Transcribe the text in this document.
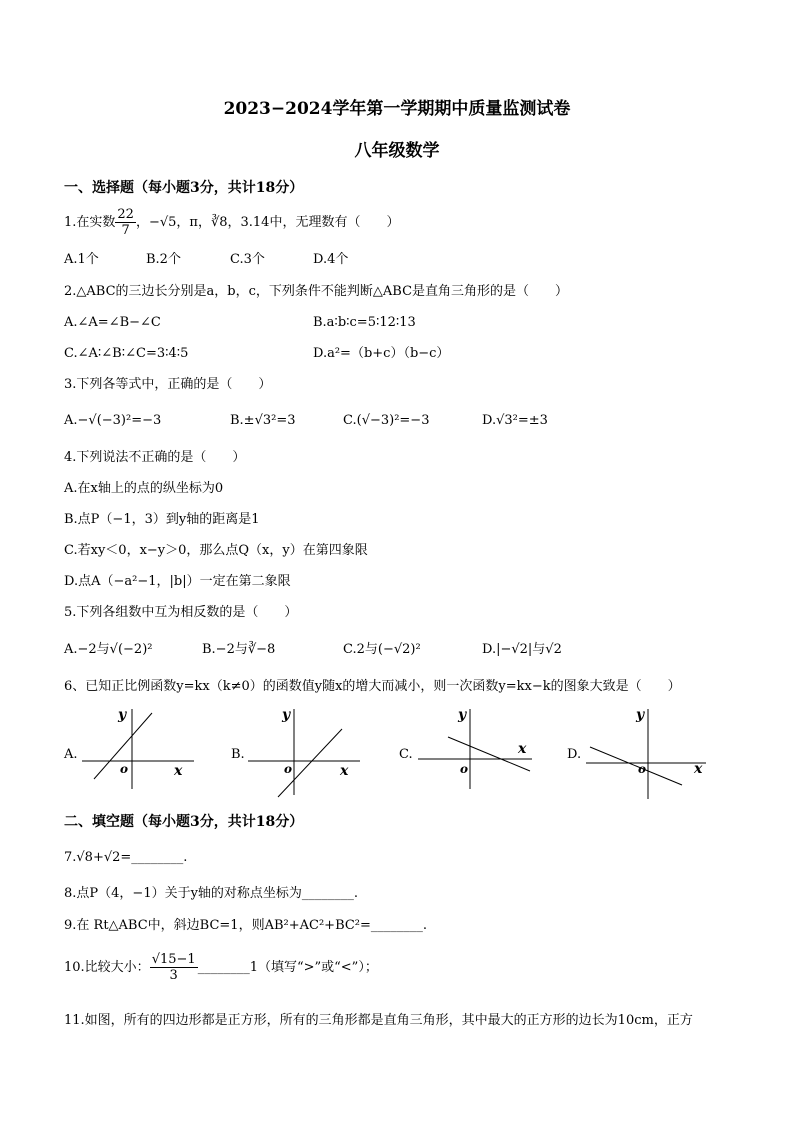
2023−2024学年第一学期期中质量监测试卷
八年级数学
一、选择题（每小题3分，共计18分）
1.在实数 $\frac{22}{7}$ ，−√5，π，∛8，3.14中，无理数有（　　）
A.1个	B.2个	C.3个	D.4个
2.△ABC的三边长分别是a，b，c，下列条件不能判断△ABC是直角三角形的是（　　）
A.∠A=∠B−∠C	B.a∶b∶c=5∶12∶13
C.∠A∶∠B∶∠C=3∶4∶5	D.a²=（b+c）（b−c）
3.下列各等式中，正确的是（　　）
A.−√(−3)²=−3	B.±√3²=3	C.(√−3)²=−3	D.√3²=±3
4.下列说法不正确的是（　　）
A.在x轴上的点的纵坐标为0
B.点P（−1，3）到y轴的距离是1
C.若xy＜0，x−y＞0，那么点Q（x，y）在第四象限
D.点A（−a²−1，|b|）一定在第二象限
5.下列各组数中互为相反数的是（　　）
A.−2与√(−2)²	B.−2与∛−8	C.2与(−√2)²	D.|−√2|与√2
6、已知正比例函数y=kx（k≠0）的函数值y随x的增大而减小，则一次函数y=kx−k的图象大致是（　　）
A.
y
x
o
B.
y
x
o
C.
y
x
o
D.
y
x
o
二、填空题（每小题3分，共计18分）
7.√8+√2=________.
8.点P（4，−1）关于y轴的对称点坐标为________.
9.在 Rt△ABC中，斜边BC=1，则AB²+AC²+BC²=________.
10.比较大小： $\frac{√15-1}{3}$ ________1（填写“>”或“<”）；
11.如图，所有的四边形都是正方形，所有的三角形都是直角三角形，其中最大的正方形的边长为10cm，正方
